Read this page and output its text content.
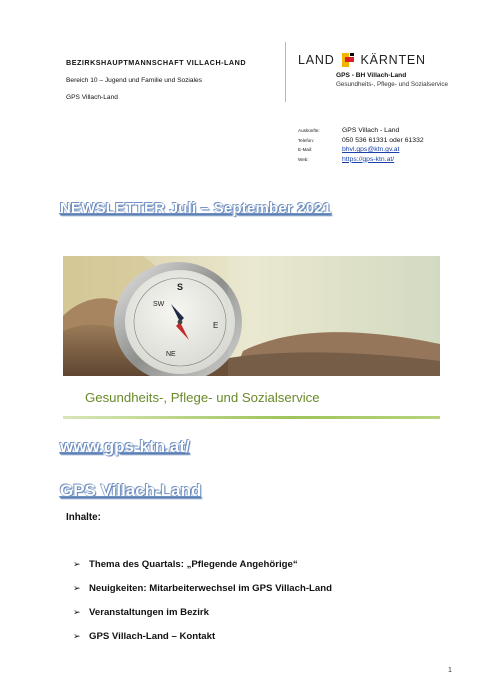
BEZIRKSHAUPTMANNSCHAFT VILLACH-LAND
Bereich 10 – Jugend und Familie und Soziales
GPS Villach-Land
LAND KÄRNTEN
GPS - BH Villach-Land
Gesundheits-, Pflege- und Sozialservice
Auskünfte:	GPS Villach - Land
Telefon:	050 536 61331 oder 61332
E-Mail:	bhvl.gps@ktn.gv.at
Web:	https://gps-ktn.at/
NEWSLETTER Juli – September 2021
S
SW
E
NE
Gesundheits-, Pflege- und Sozialservice
www.gps-ktn.at/
GPS Villach-Land
Inhalte:
➢ Thema des Quartals: „Pflegende Angehörige“
➢ Neuigkeiten: Mitarbeiterwechsel im GPS Villach-Land
➢ Veranstaltungen im Bezirk
➢ GPS Villach-Land – Kontakt
1
